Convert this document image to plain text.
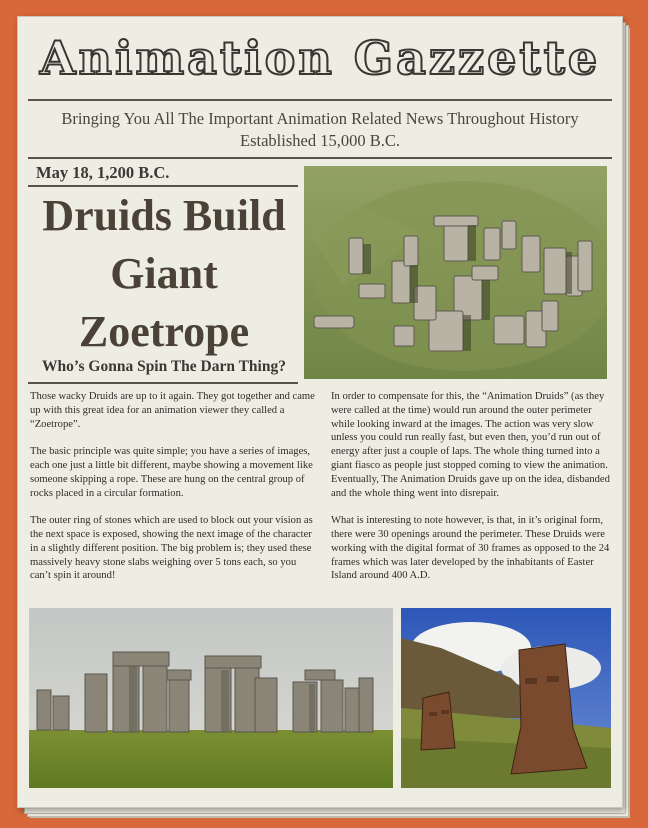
Animation Gazzette
Bringing You All The Important Animation Related News Throughout History
Established 15,000 B.C.
May 18, 1,200 B.C.
Druids Build Giant Zoetrope
Who’s Gonna Spin The Darn Thing?

Those wacky Druids are up to it again. They got together and came up with this great idea for an animation viewer they called a “Zoetrope”.

The basic principle was quite simple; you have a series of images, each one just a little bit different, maybe showing a movement like someone skipping a rope. These are hung on the central group of rocks placed in a circular formation.

The outer ring of stones which are used to block out your vision as the next space is exposed, showing the next image of the character in a slightly different position. The big problem is; they used these massively heavy stone slabs weighing over 5 tons each, so you can’t spin it around!

In order to compensate for this, the “Animation Druids” (as they were called at the time) would run around the outer perimeter while looking inward at the images. The action was very slow unless you could run really fast, but even then, you’d run out of energy after just a couple of laps. The whole thing turned into a giant fiasco as people just stopped coming to view the animation. Eventually, The Animation Druids gave up on the idea, disbanded and the whole thing went into disrepair.

What is interesting to note however, is that, in it’s original form, there were 30 openings around the perimeter. These Druids were working with the digital format of 30 frames as opposed to the 24 frames which was later developed by the inhabitants of Easter Island around 400 A.D.
